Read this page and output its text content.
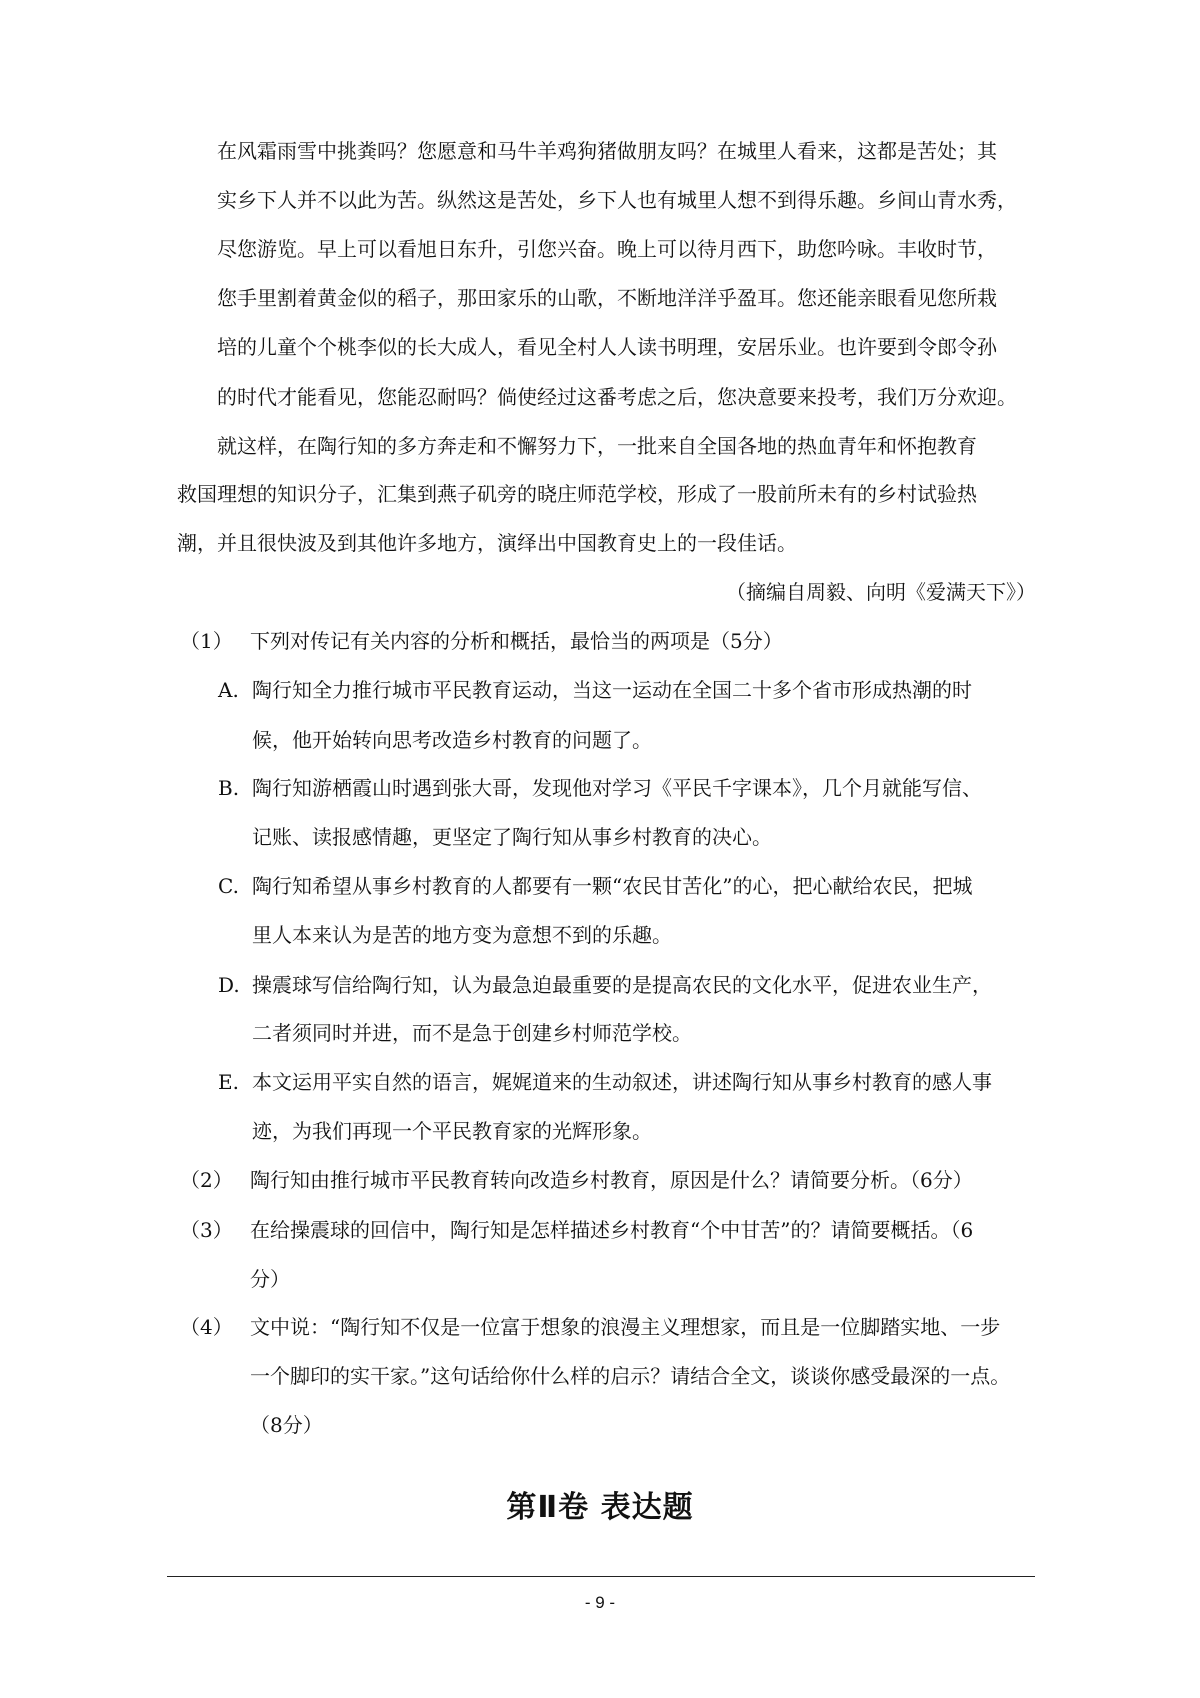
在风霜雨雪中挑粪吗？您愿意和马牛羊鸡狗猪做朋友吗？在城里人看来，这都是苦处；其
实乡下人并不以此为苦。纵然这是苦处，乡下人也有城里人想不到得乐趣。乡间山青水秀，
尽您游览。早上可以看旭日东升，引您兴奋。晚上可以待月西下，助您吟咏。丰收时节，
您手里割着黄金似的稻子，那田家乐的山歌，不断地洋洋乎盈耳。您还能亲眼看见您所栽
培的儿童个个桃李似的长大成人，看见全村人人读书明理，安居乐业。也许要到令郎令孙
的时代才能看见，您能忍耐吗？倘使经过这番考虑之后，您决意要来投考，我们万分欢迎。
就这样，在陶行知的多方奔走和不懈努力下，一批来自全国各地的热血青年和怀抱教育
救国理想的知识分子，汇集到燕子矶旁的晓庄师范学校，形成了一股前所未有的乡村试验热
潮，并且很快波及到其他许多地方，演绎出中国教育史上的一段佳话。
（摘编自周毅、向明《爱满天下》）
（1） 下列对传记有关内容的分析和概括，最恰当的两项是（5分）
A. 陶行知全力推行城市平民教育运动，当这一运动在全国二十多个省市形成热潮的时
候，他开始转向思考改造乡村教育的问题了。
B. 陶行知游栖霞山时遇到张大哥，发现他对学习《平民千字课本》，几个月就能写信、
记账、读报感情趣，更坚定了陶行知从事乡村教育的决心。
C. 陶行知希望从事乡村教育的人都要有一颗“农民甘苦化”的心，把心献给农民，把城
里人本来认为是苦的地方变为意想不到的乐趣。
D. 操震球写信给陶行知，认为最急迫最重要的是提高农民的文化水平，促进农业生产，
二者须同时并进，而不是急于创建乡村师范学校。
E. 本文运用平实自然的语言，娓娓道来的生动叙述，讲述陶行知从事乡村教育的感人事
迹，为我们再现一个平民教育家的光辉形象。
（2） 陶行知由推行城市平民教育转向改造乡村教育，原因是什么？请简要分析。（6分）
（3） 在给操震球的回信中，陶行知是怎样描述乡村教育“个中甘苦”的？请简要概括。（6
分）
（4） 文中说：“陶行知不仅是一位富于想象的浪漫主义理想家，而且是一位脚踏实地、一步
一个脚印的实干家。”这句话给你什么样的启示？请结合全文，谈谈你感受最深的一点。
（8分）
第Ⅱ卷 表达题
- 9 -
